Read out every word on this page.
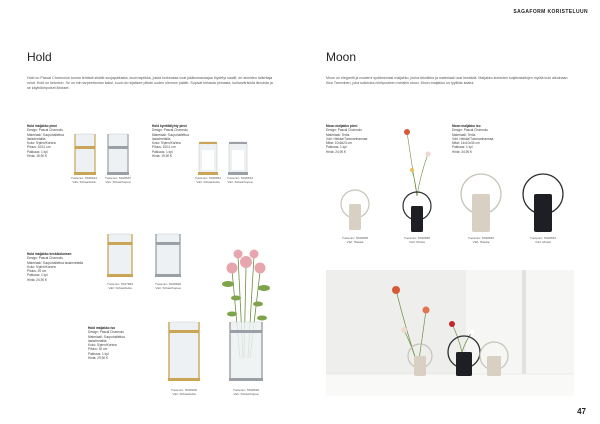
SAGAFORM KORISTELUUN
47
Hold
Hold on Pascal Charmolun tuoma tehtävä sisälle suojapaikasta, kuormapiikka, joista korkeassa ovat pääkomandajaa löydetyt saaliit, eri aineiden tallentaja minä. Hold on kelvoton. Se on niin tarpeettoman kaksi, suuri olo sijaitsee pitkän uuden olennon päälle. Sopivat kirkasta pinnasta, kullanvärisistä liimoista ja se käyttökelpoiset liitokset.
Hold maljakko pieni
Design: Pascal Charmolu
Materiaali: Suupuhallettua
lasia/metallia
Koko: 9/pien/Korkea
Pituus: 10/11 cm
Pakkaus: 1 kpl
Hinta: 18,90 €
Hold kynttilälyhty pieni
Design: Pascal Charmolu
Materiaali: Suupuhallettua
lasia/metallia
Koko: 9/pien/Korkea
Pituus: 10/11 cm
Pakkaus: 1 kpl
Hinta: 19,90 €
Tuotenro: 5018644
Väri: Kirkas/kulta
Tuotenro: 5018637
Väri: Kirkas/hopea
Tuotenro: 5018651
Väri: Kirkas/kulta
Tuotenro: 5018613
Väri: Kirkas/hopea
Hold maljakko keskikokoinen
Design: Pascal Charmolu
Materiaali: Suupuhallettua lasia/metallia
Koko: 9/pien/Korkea
Pituus: 20 cm
Pakkaus: 1 kpl
Hinta: 24,90 €
Tuotenro: 5017863
Väri: Kirkas/kulta
Tuotenro: 5018620
Väri: Kirkas/hopea
Hold maljakko iso
Design: Pascal Charmolu
Materiaali: Suupuhallettua lasia/metallia
Koko: 9/pien/Korkea
Pituus: 30 cm
Pakkaus: 1 kpl
Hinta: 29,90 €
Tuotenro: 5018200
Väri: Kirkas/kulta
Tuotenro: 5018618
Väri: Kirkas/hopea
Moon
Moon on elegantti ja moderni sydämenlasi maljakko, jonka tekniikka ja materiaali ovat kestäviä. Maljakko kumisten kuljetustaitojen myötä kuin aikoinaan Kirsi Tamminen, joka sulkeutuu kielipuoleen metallin oloon. Moon-maljakko on tyylikäs kaatui.
Moon maljakko pieni
Design: Pascal Charmolu
Materiaali: Teräs
Väri: Hiekka/Tummanharmaa
Mitat: 10x8x23 cm
Pakkaus: 1 kpl
Hinta: 24,90 €
Moon maljakko iso
Design: Pascal Charmolu
Materiaali: Teräs
Väri: Hiekka/Tummanharmaa
Mitat: 14x10x34 cm
Pakkaus: 1 kpl
Hinta: 34,90 €
Tuotenro: 5018835
Väri: Hiekka
Tuotenro: 5018836
Väri: Musta
Tuotenro: 5018833
Väri: Hiekka
Tuotenro: 5018834
Väri: Musta
